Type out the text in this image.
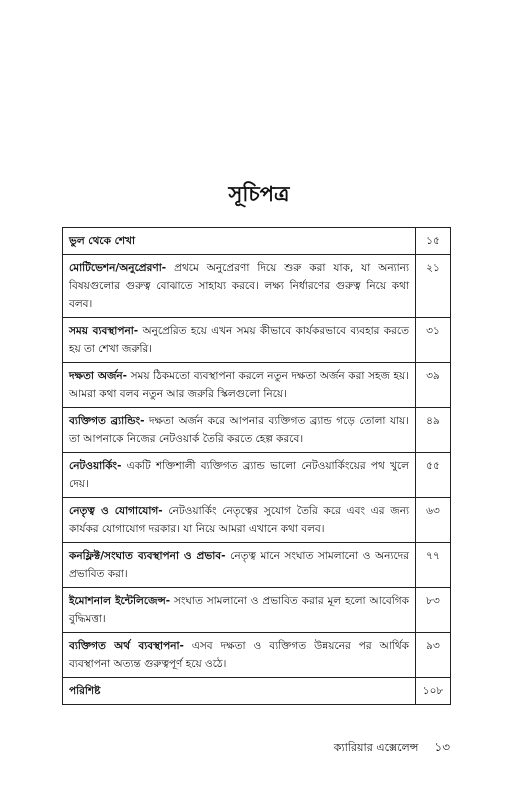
সূচিপত্র
ভুল থেকে শেখা	১৫
মোটিভেশন/অনুপ্রেরণা- প্রথমে অনুপ্রেরণা দিয়ে শুরু করা যাক, যা অন্যান্য বিষয়গুলোর গুরুত্ব বোঝাতে সাহায্য করবে। লক্ষ্য নির্ধারণের গুরুত্ব নিয়ে কথা বলব।	২১
সময় ব্যবস্থাপনা- অনুপ্রেরিত হয়ে এখন সময় কীভাবে কার্যকরভাবে ব্যবহার করতে হয় তা শেখা জরুরি।	৩১
দক্ষতা অর্জন- সময় ঠিকমতো ব্যবস্থাপনা করলে নতুন দক্ষতা অর্জন করা সহজ হয়। আমরা কথা বলব নতুন আর জরুরি স্কিলগুলো নিয়ে।	৩৯
ব্যক্তিগত ব্র্যান্ডিং- দক্ষতা অর্জন করে আপনার ব্যক্তিগত ব্র্যান্ড গড়ে তোলা যায়। তা আপনাকে নিজের নেটওয়ার্ক তৈরি করতে হেল্প করবে।	৪৯
নেটওয়ার্কিং- একটি শক্তিশালী ব্যক্তিগত ব্র্যান্ড ভালো নেটওয়ার্কিংয়ের পথ খুলে দেয়।	৫৫
নেতৃত্ব ও যোগাযোগ- নেটওয়ার্কিং নেতৃত্বের সুযোগ তৈরি করে এবং এর জন্য কার্যকর যোগাযোগ দরকার। যা নিয়ে আমরা এখানে কথা বলব।	৬৩
কনফ্লিক্ট/সংঘাত ব্যবস্থাপনা ও প্রভাব- নেতৃত্ব মানে সংঘাত সামলানো ও অন্যদের প্রভাবিত করা।	৭৭
ইমোশনাল ইন্টেলিজেন্স- সংঘাত সামলানো ও প্রভাবিত করার মূল হলো আবেগিক বুদ্ধিমত্তা।	৮৩
ব্যক্তিগত অর্থ ব্যবস্থাপনা- এসব দক্ষতা ও ব্যক্তিগত উন্নয়নের পর আর্থিক ব্যবস্থাপনা অত্যন্ত গুরুত্বপূর্ণ হয়ে ওঠে।	৯৩
পরিশিষ্ট	১০৮
ক্যারিয়ার এক্সেলেন্স ১৩
